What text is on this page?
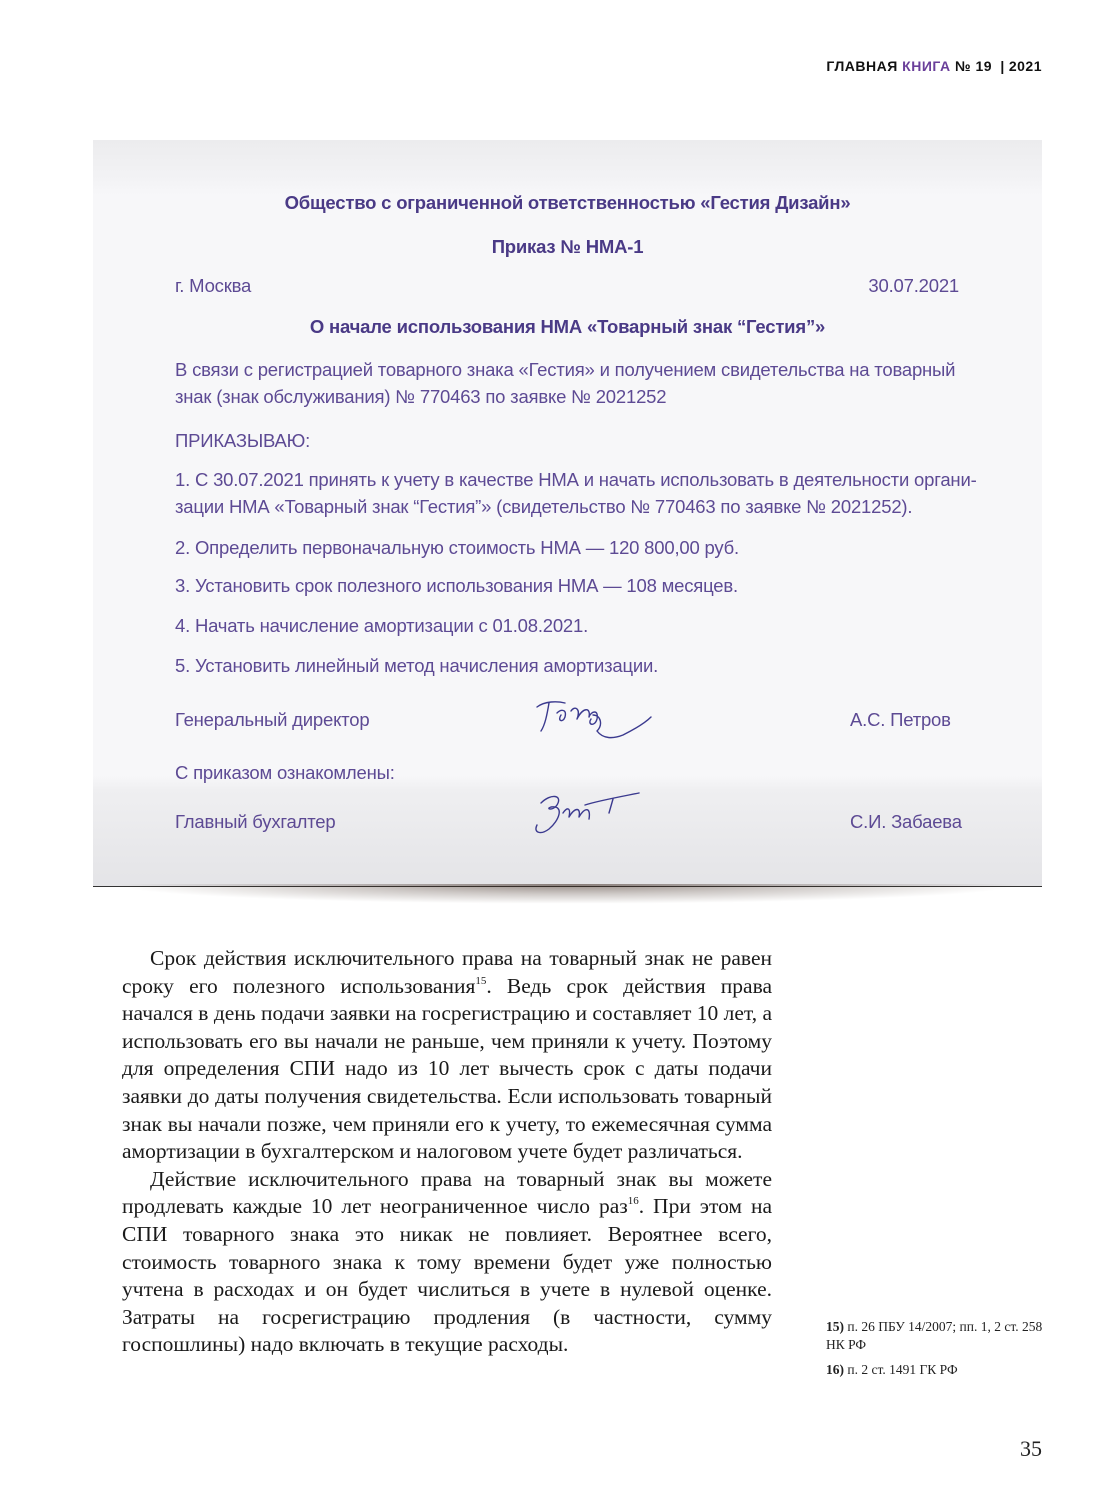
ГЛАВНАЯ КНИГА № 19 | 2021
Общество с ограниченной ответственностью «Гестия Дизайн»
Приказ № НМА-1
г. Москва	30.07.2021
О начале использования НМА «Товарный знак “Гестия”»
В связи с регистрацией товарного знака «Гестия» и получением свидетельства на товарный
знак (знак обслуживания) № 770463 по заявке № 2021252
ПРИКАЗЫВАЮ:
1. С 30.07.2021 принять к учету в качестве НМА и начать использовать в деятельности органи-
зации НМА «Товарный знак “Гестия”» (свидетельство № 770463 по заявке № 2021252).
2. Определить первоначальную стоимость НМА — 120 800,00 руб.
3. Установить срок полезного использования НМА — 108 месяцев.
4. Начать начисление амортизации с 01.08.2021.
5. Установить линейный метод начисления амортизации.
Генеральный директор	А.С. Петров
С приказом ознакомлены:
Главный бухгалтер	С.И. Забаева

Срок действия исключительного права на товарный знак не равен сроку его полезного использования$^{15}$. Ведь срок действия права начался в день подачи заявки на госрегистрацию и составляет 10 лет, а использовать его вы начали не раньше, чем приняли к учету. Поэтому для определения СПИ надо из 10 лет вычесть срок с даты подачи заявки до даты получения свидетельства. Если использовать товарный знак вы начали позже, чем приняли его к учету, то ежемесячная сумма амортизации в бухгалтерском и налоговом учете будет различаться.

Действие исключительного права на товарный знак вы можете продлевать каждые 10 лет неограниченное число раз$^{16}$. При этом на СПИ товарного знака это никак не повлияет. Вероятнее всего, стоимость товарного знака к тому времени будет уже полностью учтена в расходах и он будет числиться в учете в нулевой оценке. Затраты на госрегистрацию продления (в частности, сумму госпошлины) надо включать в текущие расходы.

15) п. 26 ПБУ 14/2007; пп. 1, 2 ст. 258 НК РФ
16) п. 2 ст. 1491 ГК РФ
35
